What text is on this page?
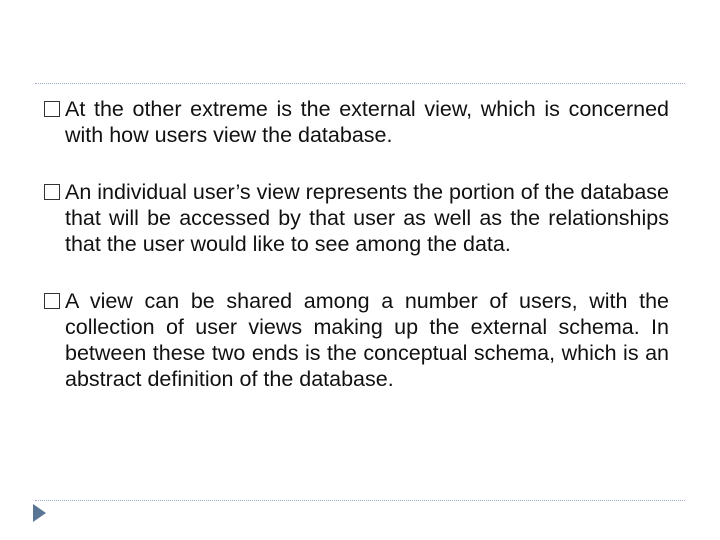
At the other extreme is the external view, which is concerned with how users view the database.
An individual user’s view represents the portion of the database that will be accessed by that user as well as the relationships that the user would like to see among the data.
A view can be shared among a number of users, with the collection of user views making up the external schema. In between these two ends is the conceptual schema, which is an abstract definition of the database.
